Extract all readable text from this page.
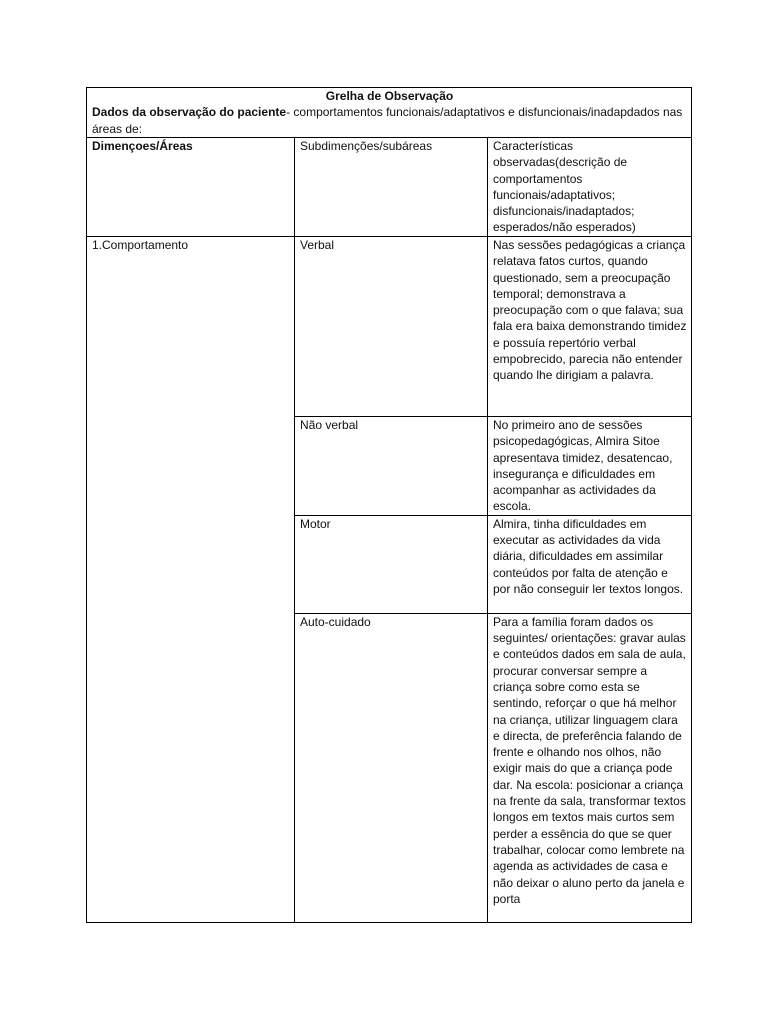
Grelha de Observação
Dados da observação do paciente- comportamentos funcionais/adaptativos e disfuncionais/inadapdados nas áreas de:		

Dimençoes/Áreas	Subdimenções/subáreas	Características observadas(descrição de comportamentos funcionais/adaptativos; disfuncionais/inadaptados; esperados/não esperados)
1.Comportamento	Verbal	Nas sessões pedagógicas a criança relatava fatos curtos, quando questionado, sem a preocupação temporal; demonstrava a preocupação com o que falava; sua fala era baixa demonstrando timidez e possuía repertório verbal empobrecido, parecia não entender quando lhe dirigiam a palavra.
	Não verbal	No primeiro ano de sessões psicopedagógicas, Almira Sitoe apresentava timidez, desatencao, insegurança e dificuldades em acompanhar as actividades da escola.
	Motor	Almira, tinha dificuldades em executar as actividades da vida diária, dificuldades em assimilar conteúdos por falta de atenção e por não conseguir ler textos longos.
	Auto-cuidado	Para a família foram dados os seguintes/ orientações: gravar aulas e conteúdos dados em sala de aula, procurar conversar sempre a criança sobre como esta se sentindo, reforçar o que há melhor na criança, utilizar linguagem clara e directa, de preferência falando de frente e olhando nos olhos, não exigir mais do que a criança pode dar. Na escola: posicionar a criança na frente da sala, transformar textos longos em textos mais curtos sem perder a essência do que se quer trabalhar, colocar como lembrete na agenda as actividades de casa e não deixar o aluno perto da janela e porta
